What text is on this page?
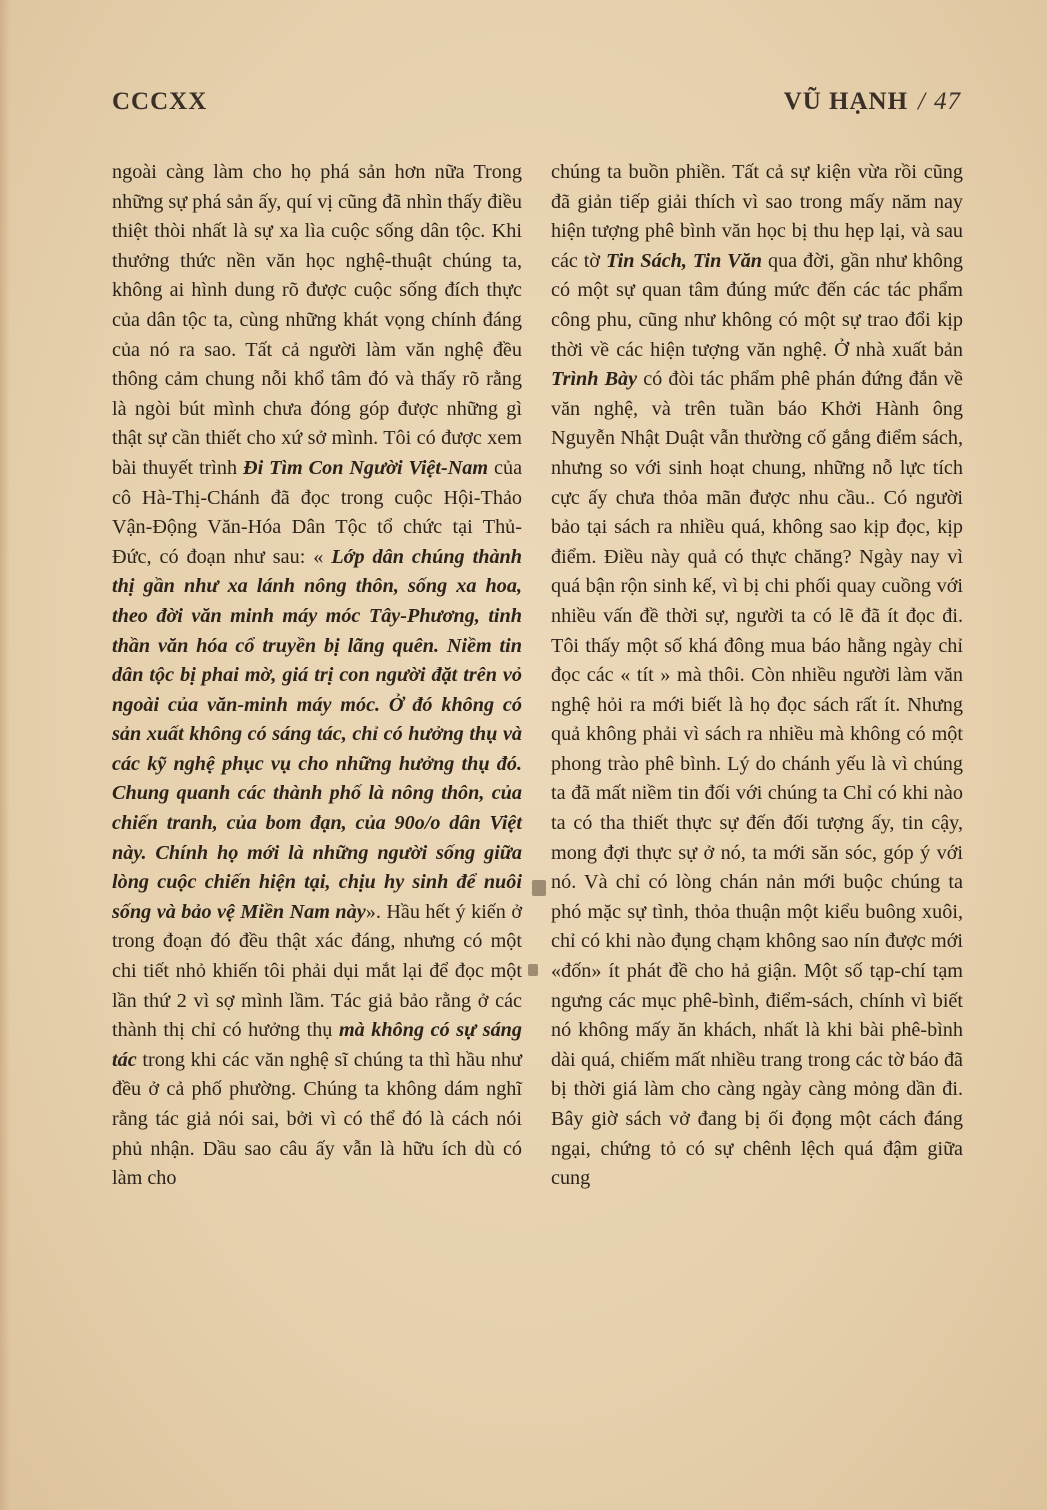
CCCXX	VŨ HẠNH / 47

ngoài càng làm cho họ phá sản hơn nữa Trong những sự phá sản ấy, quí vị cũng đã nhìn thấy điều thiệt thòi nhất là sự xa lìa cuộc sống dân tộc. Khi thưởng thức nền văn học nghệ-thuật chúng ta, không ai hình dung rõ được cuộc sống đích thực của dân tộc ta, cùng những khát vọng chính đáng của nó ra sao. Tất cả người làm văn nghệ đều thông cảm chung nỗi khổ tâm đó và thấy rõ rằng là ngòi bút mình chưa đóng góp được những gì thật sự cần thiết cho xứ sở mình. Tôi có được xem bài thuyết trình Đi Tìm Con Người Việt-Nam của cô Hà-Thị-Chánh đã đọc trong cuộc Hội-Thảo Vận-Động Văn-Hóa Dân Tộc tổ chức tại Thủ-Đức, có đoạn như sau: « Lớp dân chúng thành thị gần như xa lánh nông thôn, sống xa hoa, theo đời văn minh máy móc Tây-Phương, tinh thần văn hóa cổ truyền bị lãng quên. Niềm tin dân tộc bị phai mờ, giá trị con người đặt trên vỏ ngoài của văn-minh máy móc. Ở đó không có sản xuất không có sáng tác, chỉ có hưởng thụ và các kỹ nghệ phục vụ cho những hưởng thụ đó. Chung quanh các thành phố là nông thôn, của chiến tranh, của bom đạn, của 90o/o dân Việt này. Chính họ mới là những người sống giữa lòng cuộc chiến hiện tại, chịu hy sinh để nuôi sống và bảo vệ Miền Nam này». Hầu hết ý kiến ở trong đoạn đó đều thật xác đáng, nhưng có một chi tiết nhỏ khiến tôi phải dụi mắt lại để đọc một lần thứ 2 vì sợ mình lầm. Tác giả bảo rằng ở các thành thị chỉ có hưởng thụ mà không có sự sáng tác trong khi các văn nghệ sĩ chúng ta thì hầu như đều ở cả phố phường. Chúng ta không dám nghĩ rằng tác giả nói sai, bởi vì có thể đó là cách nói phủ nhận. Dầu sao câu ấy vẫn là hữu ích dù có làm cho

chúng ta buồn phiền. Tất cả sự kiện vừa rồi cũng đã giản tiếp giải thích vì sao trong mấy năm nay hiện tượng phê bình văn học bị thu hẹp lại, và sau các tờ Tin Sách, Tin Văn qua đời, gần như không có một sự quan tâm đúng mức đến các tác phẩm công phu, cũng như không có một sự trao đổi kịp thời về các hiện tượng văn nghệ. Ở nhà xuất bản Trình Bày có đòi tác phẩm phê phán đứng đắn về văn nghệ, và trên tuần báo Khởi Hành ông Nguyễn Nhật Duật vẫn thường cố gắng điểm sách, nhưng so với sinh hoạt chung, những nỗ lực tích cực ấy chưa thỏa mãn được nhu cầu.. Có người bảo tại sách ra nhiều quá, không sao kịp đọc, kịp điểm. Điều này quả có thực chăng? Ngày nay vì quá bận rộn sinh kế, vì bị chi phối quay cuồng với nhiều vấn đề thời sự, người ta có lẽ đã ít đọc đi. Tôi thấy một số khá đông mua báo hằng ngày chỉ đọc các « tít » mà thôi. Còn nhiều người làm văn nghệ hỏi ra mới biết là họ đọc sách rất ít. Nhưng quả không phải vì sách ra nhiều mà không có một phong trào phê bình. Lý do chánh yếu là vì chúng ta đã mất niềm tin đối với chúng ta Chỉ có khi nào ta có tha thiết thực sự đến đối tượng ấy, tin cậy, mong đợi thực sự ở nó, ta mới săn sóc, góp ý với nó. Và chỉ có lòng chán nản mới buộc chúng ta phó mặc sự tình, thỏa thuận một kiểu buông xuôi, chỉ có khi nào đụng chạm không sao nín được mới «đốn» ít phát đề cho hả giận. Một số tạp-chí tạm ngưng các mục phê-bình, điểm-sách, chính vì biết nó không mấy ăn khách, nhất là khi bài phê-bình dài quá, chiếm mất nhiều trang trong các tờ báo đã bị thời giá làm cho càng ngày càng mỏng dần đi. Bây giờ sách vở đang bị ối đọng một cách đáng ngại, chứng tỏ có sự chênh lệch quá đậm giữa cung
